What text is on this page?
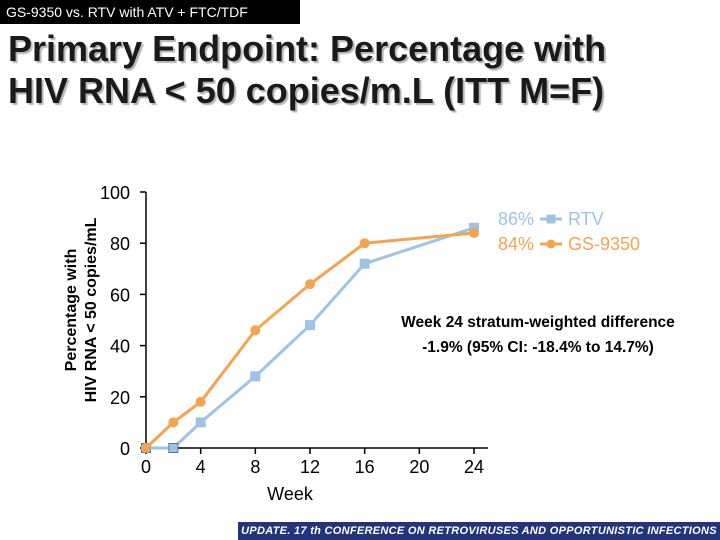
GS-9350 vs. RTV with ATV + FTC/TDF
Primary Endpoint: Percentage with
HIV RNA < 50 copies/m.L (ITT M=F)
0
20
40
60
80
100
0 4 8 12 16 20 24
Week
Percentage with HIV RNA < 50 copies/mL	86% RTV
84% GS-9350
Week 24 stratum-weighted difference
-1.9% (95% CI: -18.4% to 14.7%)
UPDATE. 17 th CONFERENCE ON RETROVIRUSES AND OPPORTUNISTIC INFECTIONS
